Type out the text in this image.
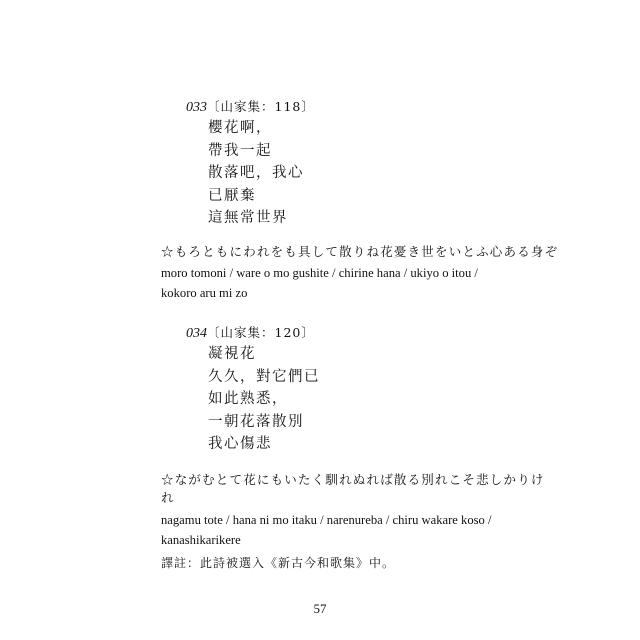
033〔山家集：118〕
櫻花啊，
帶我一起
散落吧，我心
已厭棄
這無常世界
☆もろともにわれをも具して散りね花憂き世をいとふ心ある身ぞ
moro tomoni / ware o mo gushite / chirine hana / ukiyo o itou /
kokoro aru mi zo
034〔山家集：120〕
凝視花
久久，對它們已
如此熟悉，
一朝花落散別
我心傷悲
☆ながむとて花にもいたく馴れぬれば散る別れこそ悲しかりけ
れ
nagamu tote / hana ni mo itaku / narenureba / chiru wakare koso /
kanashikarikere
譯註：此詩被選入《新古今和歌集》中。
57
